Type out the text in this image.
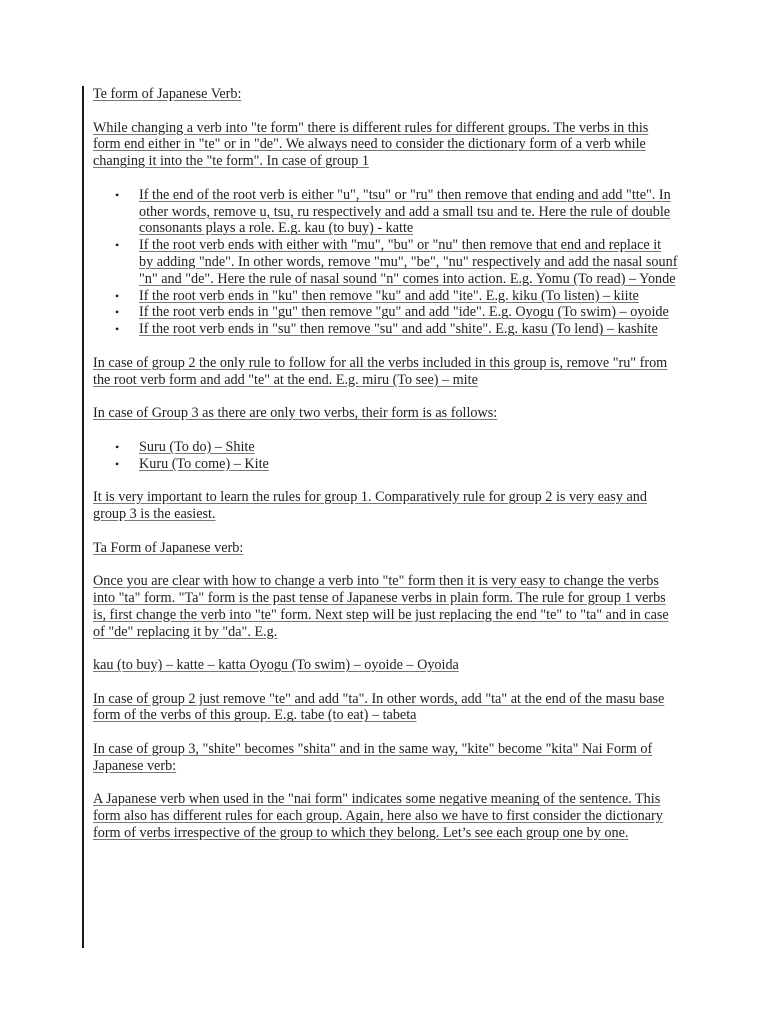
Te form of Japanese Verb:

While changing a verb into "te form" there is different rules for different groups. The verbs in this form end either in "te" or in "de". We always need to consider the dictionary form of a verb while changing it into the "te form". In case of group 1

• If the end of the root verb is either "u", "tsu" or "ru" then remove that ending and add "tte". In other words, remove u, tsu, ru respectively and add a small tsu and te. Here the rule of double consonants plays a role. E.g. kau (to buy) - katte
• If the root verb ends with either with "mu", "bu" or "nu" then remove that end and replace it by adding "nde". In other words, remove "mu", "be", "nu" respectively and add the nasal sounf "n" and "de". Here the rule of nasal sound "n" comes into action. E.g. Yomu (To read) – Yonde
• If the root verb ends in "ku" then remove "ku" and add "ite". E.g. kiku (To listen) – kiite
• If the root verb ends in "gu" then remove "gu" and add "ide". E.g. Oyogu (To swim) – oyoide
• If the root verb ends in "su" then remove "su" and add "shite". E.g. kasu (To lend) – kashite

In case of group 2 the only rule to follow for all the verbs included in this group is, remove "ru" from the root verb form and add "te" at the end. E.g. miru (To see) – mite

In case of Group 3 as there are only two verbs, their form is as follows:

• Suru (To do) – Shite
• Kuru (To come) – Kite

It is very important to learn the rules for group 1. Comparatively rule for group 2 is very easy and group 3 is the easiest.

Ta Form of Japanese verb:

Once you are clear with how to change a verb into "te" form then it is very easy to change the verbs into "ta" form. "Ta" form is the past tense of Japanese verbs in plain form. The rule for group 1 verbs is, first change the verb into "te" form. Next step will be just replacing the end "te" to "ta" and in case of "de" replacing it by "da". E.g.

kau (to buy) – katte – katta Oyogu (To swim) – oyoide – Oyoida

In case of group 2 just remove "te" and add "ta". In other words, add "ta" at the end of the masu base form of the verbs of this group. E.g. tabe (to eat) – tabeta

In case of group 3, "shite" becomes "shita" and in the same way, "kite" become "kita" Nai Form of Japanese verb:

A Japanese verb when used in the "nai form" indicates some negative meaning of the sentence. This form also has different rules for each group. Again, here also we have to first consider the dictionary form of verbs irrespective of the group to which they belong. Let’s see each group one by one.
